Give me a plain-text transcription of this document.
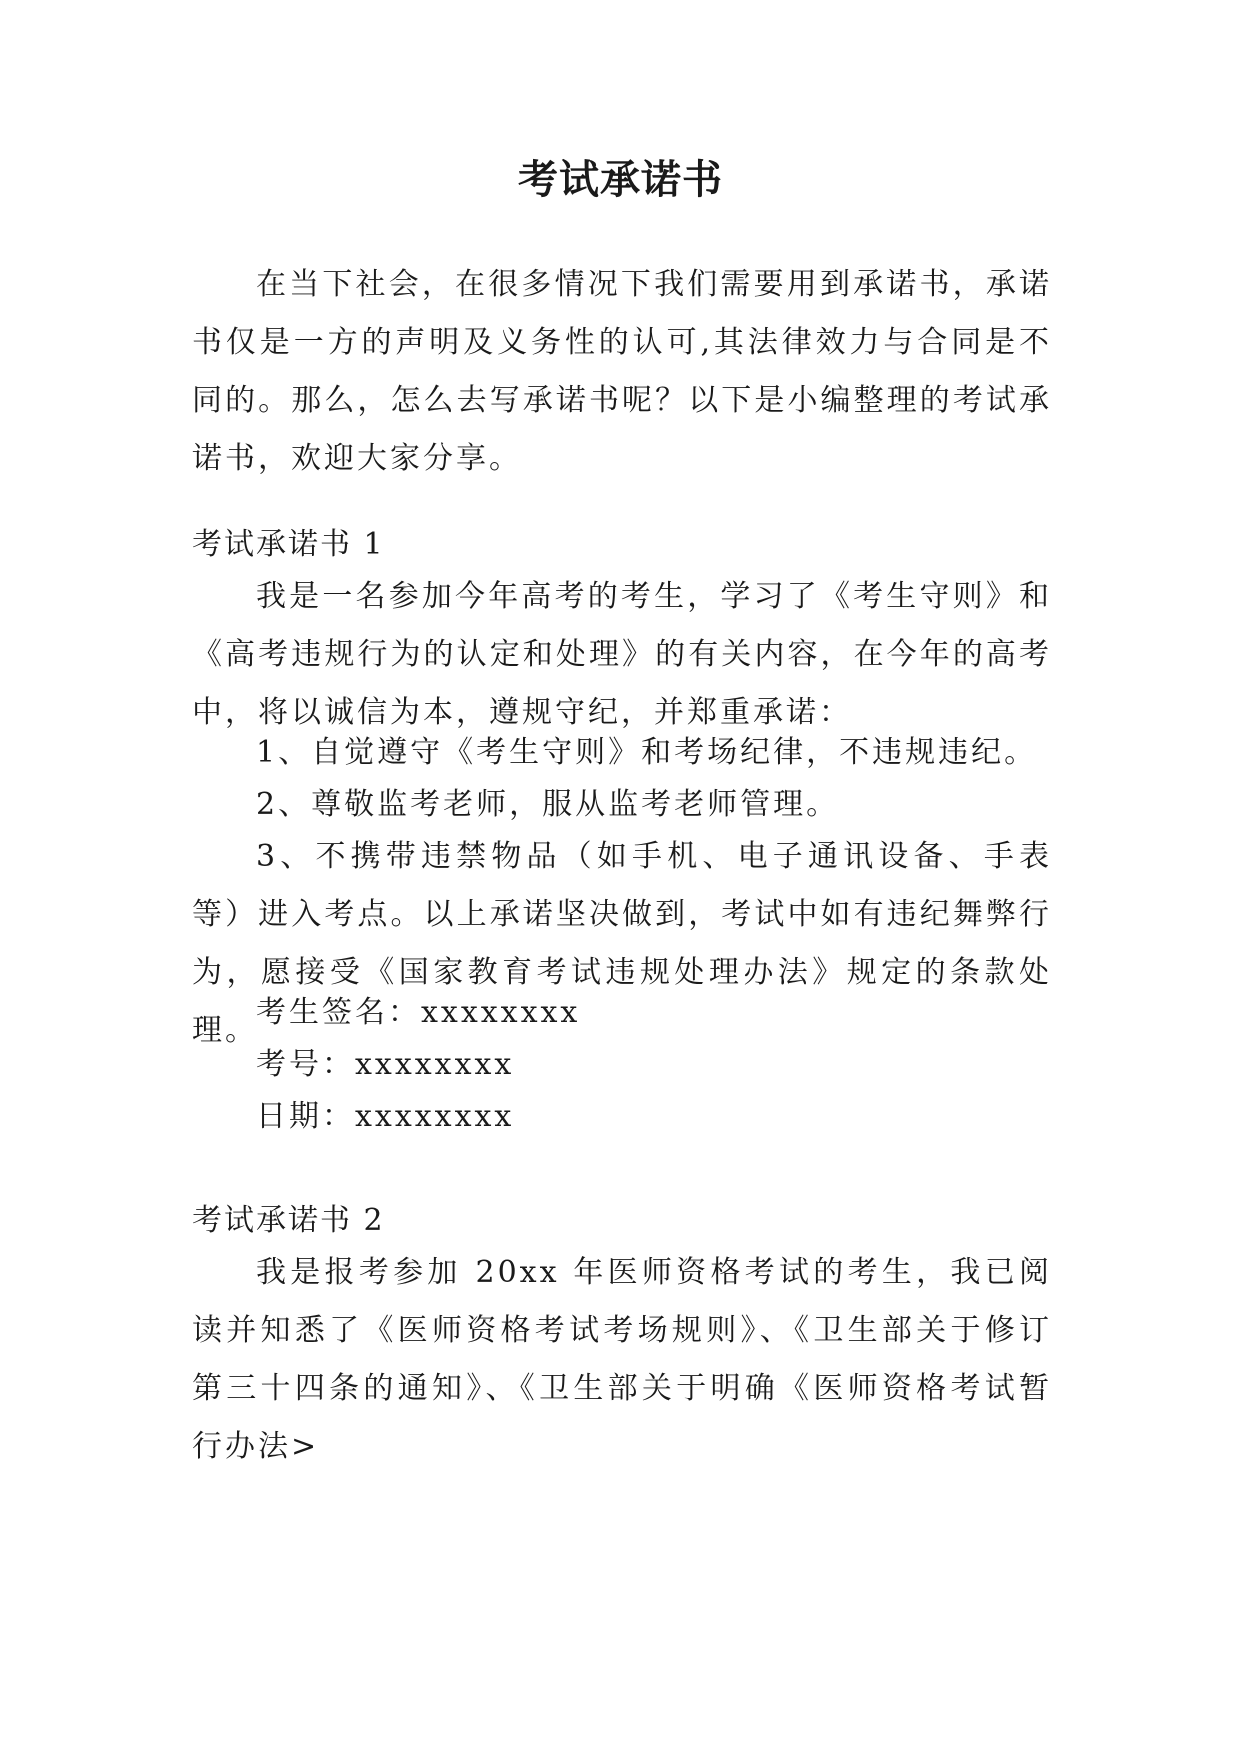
考试承诺书

在当下社会，在很多情况下我们需要用到承诺书，承诺书仅是一方的声明及义务性的认可,其法律效力与合同是不同的。那么，怎么去写承诺书呢？以下是小编整理的考试承诺书，欢迎大家分享。

考试承诺书 1

我是一名参加今年高考的考生，学习了《考生守则》和《高考违规行为的认定和处理》的有关内容，在今年的高考中，将以诚信为本，遵规守纪，并郑重承诺：

1、自觉遵守《考生守则》和考场纪律，不违规违纪。

2、尊敬监考老师，服从监考老师管理。

3、不携带违禁物品（如手机、电子通讯设备、手表等）进入考点。以上承诺坚决做到，考试中如有违纪舞弊行为，愿接受《国家教育考试违规处理办法》规定的条款处理。

考生签名：xxxxxxxx

考号：xxxxxxxx

日期：xxxxxxxx

考试承诺书 2

我是报考参加 20xx 年医师资格考试的考生，我已阅读并知悉了《医师资格考试考场规则》、《卫生部关于修订第三十四条的通知》、《卫生部关于明确《医师资格考试暂行办法>
